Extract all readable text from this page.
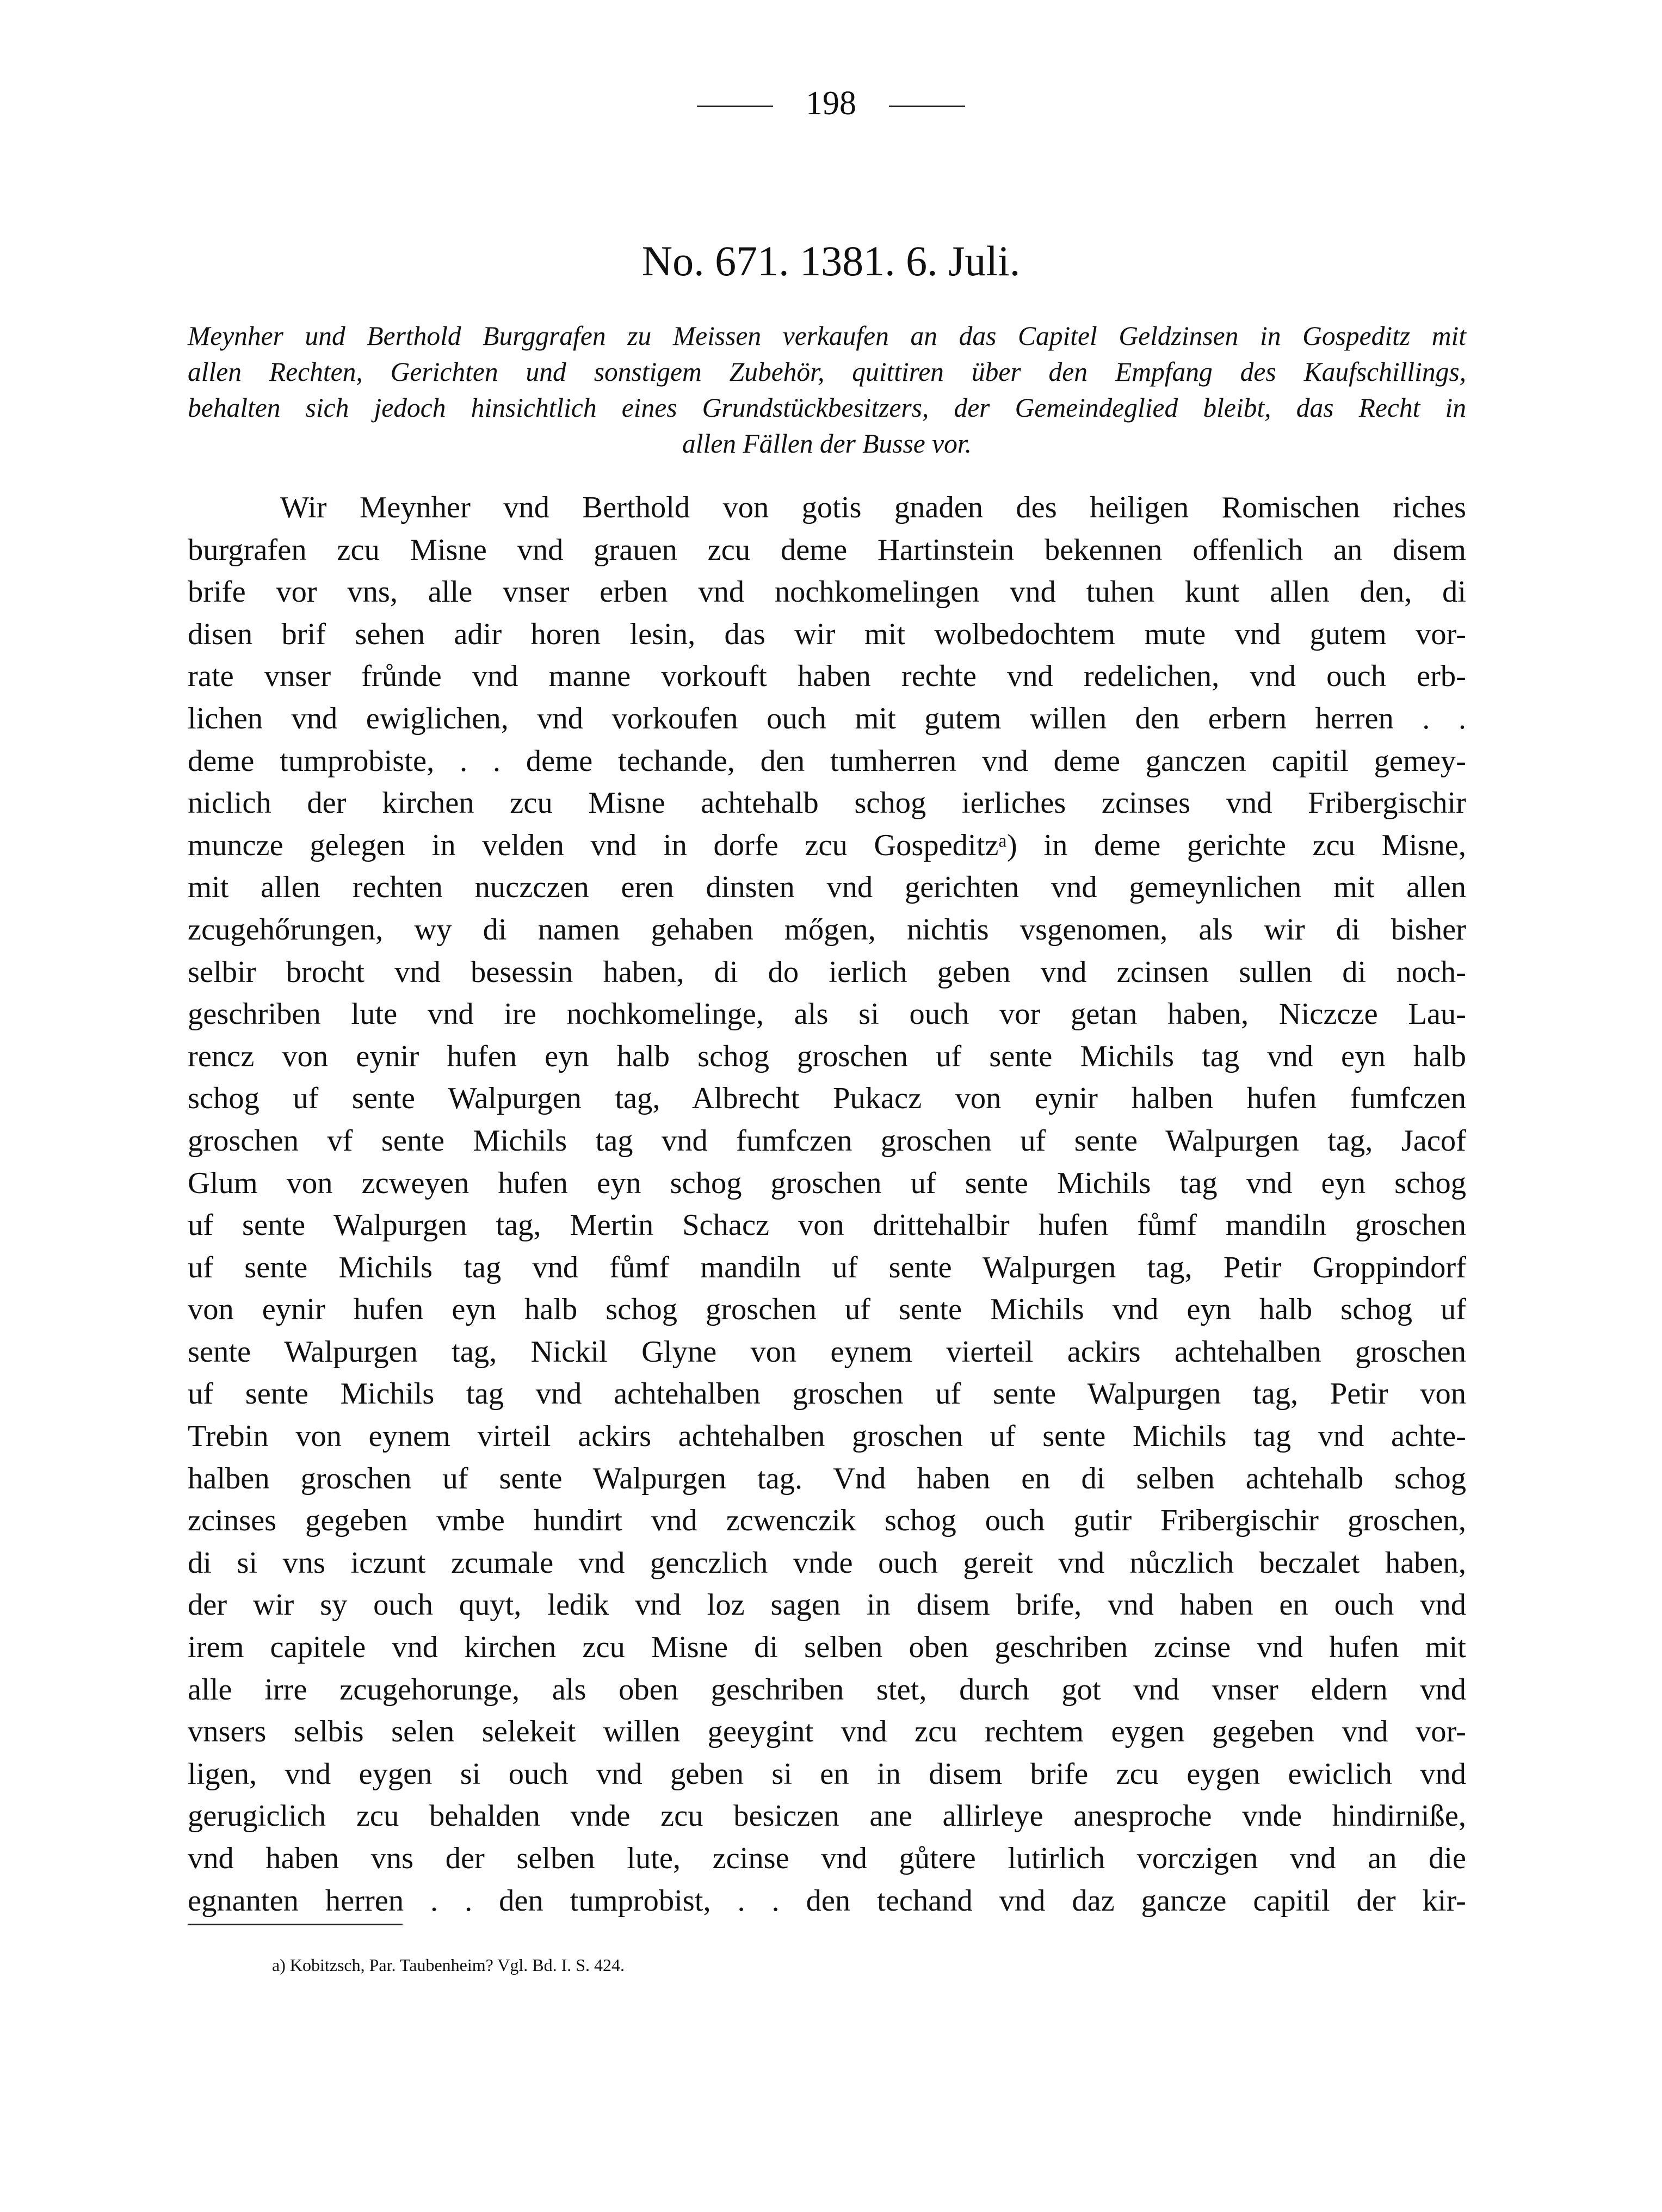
198
No. 671. 1381. 6. Juli.
Meynher und Berthold Burggrafen zu Meissen verkaufen an das Capitel Geldzinsen in Gospeditz mit
allen Rechten, Gerichten und sonstigem Zubehör, quittiren über den Empfang des Kaufschillings,
behalten sich jedoch hinsichtlich eines Grundstückbesitzers, der Gemeindeglied bleibt, das Recht in
allen Fällen der Busse vor.
Wir Meynher vnd Berthold von gotis gnaden des heiligen Romischen riches
burgrafen zcu Misne vnd grauen zcu deme Hartinstein bekennen offenlich an disem
brife vor vns, alle vnser erben vnd nochkomelingen vnd tuhen kunt allen den, di
disen brif sehen adir horen lesin, das wir mit wolbedochtem mute vnd gutem vor-
rate vnser frůnde vnd manne vorkouft haben rechte vnd redelichen, vnd ouch erb-
lichen vnd ewiglichen, vnd vorkoufen ouch mit gutem willen den erbern herren . .
deme tumprobiste, . . deme techande, den tumherren vnd deme ganczen capitil gemey-
niclich der kirchen zcu Misne achtehalb schog ierliches zcinses vnd Fribergischir
muncze gelegen in velden vnd in dorfe zcu Gospeditzᵃ) in deme gerichte zcu Misne,
mit allen rechten nuczczen eren dinsten vnd gerichten vnd gemeynlichen mit allen
zcugehőrungen, wy di namen gehaben mőgen, nichtis vsgenomen, als wir di bisher
selbir brocht vnd besessin haben, di do ierlich geben vnd zcinsen sullen di noch-
geschriben lute vnd ire nochkomelinge, als si ouch vor getan haben, Niczcze Lau-
rencz von eynir hufen eyn halb schog groschen uf sente Michils tag vnd eyn halb
schog uf sente Walpurgen tag, Albrecht Pukacz von eynir halben hufen fumfczen
groschen vf sente Michils tag vnd fumfczen groschen uf sente Walpurgen tag, Jacof
Glum von zcweyen hufen eyn schog groschen uf sente Michils tag vnd eyn schog
uf sente Walpurgen tag, Mertin Schacz von drittehalbir hufen fůmf mandiln groschen
uf sente Michils tag vnd fůmf mandiln uf sente Walpurgen tag, Petir Groppindorf
von eynir hufen eyn halb schog groschen uf sente Michils vnd eyn halb schog uf
sente Walpurgen tag, Nickil Glyne von eynem vierteil ackirs achtehalben groschen
uf sente Michils tag vnd achtehalben groschen uf sente Walpurgen tag, Petir von
Trebin von eynem virteil ackirs achtehalben groschen uf sente Michils tag vnd achte-
halben groschen uf sente Walpurgen tag. Vnd haben en di selben achtehalb schog
zcinses gegeben vmbe hundirt vnd zcwenczik schog ouch gutir Fribergischir groschen,
di si vns iczunt zcumale vnd genczlich vnde ouch gereit vnd nůczlich beczalet haben,
der wir sy ouch quyt, ledik vnd loz sagen in disem brife, vnd haben en ouch vnd
irem capitele vnd kirchen zcu Misne di selben oben geschriben zcinse vnd hufen mit
alle irre zcugehorunge, als oben geschriben stet, durch got vnd vnser eldern vnd
vnsers selbis selen selekeit willen geeygint vnd zcu rechtem eygen gegeben vnd vor-
ligen, vnd eygen si ouch vnd geben si en in disem brife zcu eygen ewiclich vnd
gerugiclich zcu behalden vnde zcu besiczen ane allirleye anesproche vnde hindirniße,
vnd haben vns der selben lute, zcinse vnd gůtere lutirlich vorczigen vnd an die
egnanten herren . . den tumprobist, . . den techand vnd daz gancze capitil der kir-
a) Kobitzsch, Par. Taubenheim? Vgl. Bd. I. S. 424.
